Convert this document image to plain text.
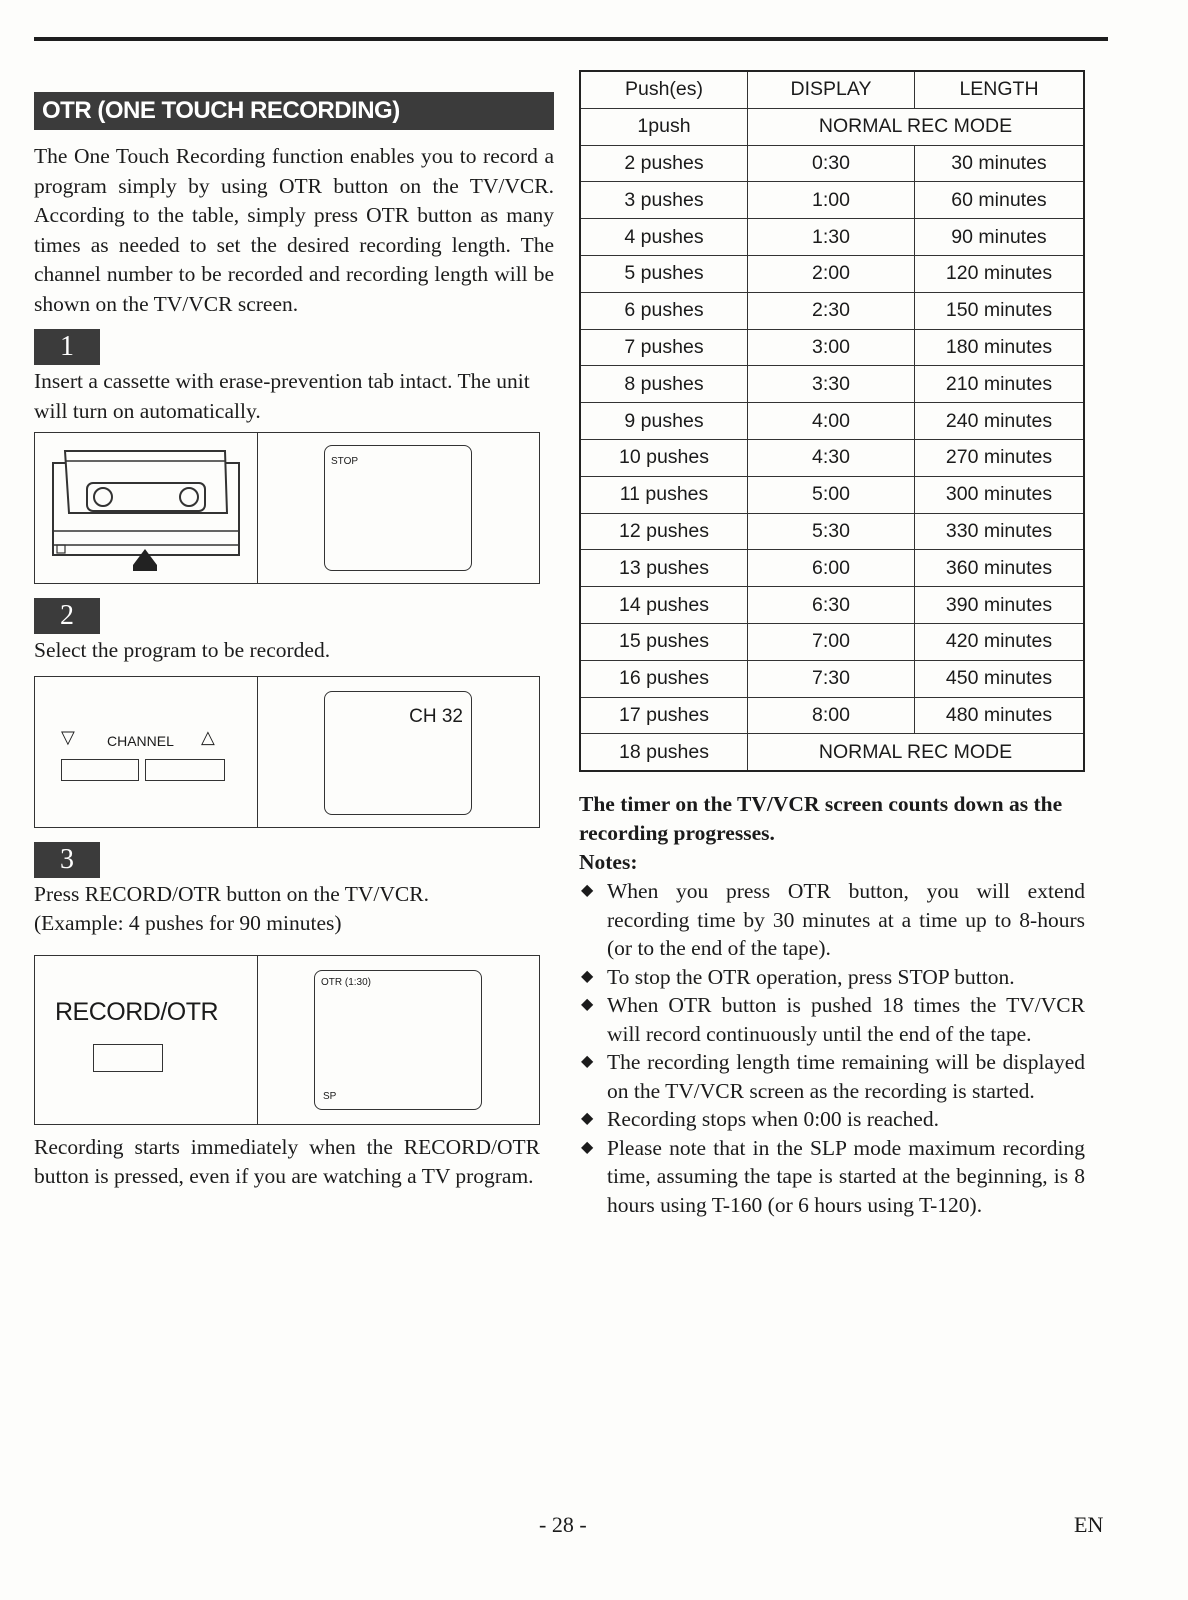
OTR (ONE TOUCH RECORDING)

The One Touch Recording function enables you to record a program simply by using OTR button on the TV/VCR. According to the table, simply press OTR button as many times as needed to set the desired recording length. The channel number to be recorded and recording length will be shown on the TV/VCR screen.

1

Insert a cassette with erase-prevention tab intact. The unit will turn on automatically.

STOP
2

Select the program to be recorded.

▽ CHANNEL △
CH 32
3

Press RECORD/OTR button on the TV/VCR.

(Example: 4 pushes for 90 minutes)

RECORD/OTR
OTR (1:30)
SP

Recording starts immediately when the RECORD/OTR button is pressed, even if you are watching a TV program.

Push(es)	DISPLAY	LENGTH
1push	NORMAL REC MODE	
2 pushes	0:30	30 minutes
3 pushes	1:00	60 minutes
4 pushes	1:30	90 minutes
5 pushes	2:00	120 minutes
6 pushes	2:30	150 minutes
7 pushes	3:00	180 minutes
8 pushes	3:30	210 minutes
9 pushes	4:00	240 minutes
10 pushes	4:30	270 minutes
11 pushes	5:00	300 minutes
12 pushes	5:30	330 minutes
13 pushes	6:00	360 minutes
14 pushes	6:30	390 minutes
15 pushes	7:00	420 minutes
16 pushes	7:30	450 minutes
17 pushes	8:00	480 minutes
18 pushes	NORMAL REC MODE	

The timer on the TV/VCR screen counts down as the recording progresses.

Notes:

◆ When you press OTR button, you will extend recording time by 30 minutes at a time up to 8-hours (or to the end of the tape).
◆ To stop the OTR operation, press STOP button.
◆ When OTR button is pushed 18 times the TV/VCR will record continuously until the end of the tape.
◆ The recording length time remaining will be displayed on the TV/VCR screen as the recording is started.
◆ Recording stops when 0:00 is reached.
◆ Please note that in the SLP mode maximum recording time, assuming the tape is started at the beginning, is 8 hours using T-160 (or 6 hours using T-120).
- 28 -	EN
